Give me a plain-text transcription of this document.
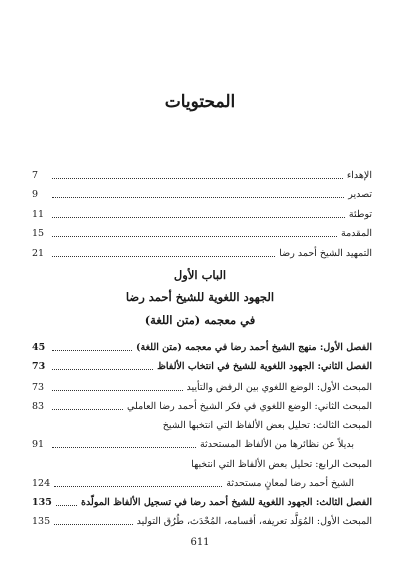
المحتويات
الإهداء
7
تصدير
9
توطئة
11
المقدمة
15
التمهيد الشيخ أحمد رضا
21
الباب الأول
الجهود اللغوية للشيخ أحمد رضا
في معجمه (متن اللغة)
الفصل الأول: منهج الشيخ أحمد رضا في معجمه (متن اللغة)
45
الفصل الثاني: الجهود اللغوية للشيخ في انتخاب الألفاظ
73
المبحث الأول: الوضع اللغوي بين الرفض والتأييد
73
المبحث الثاني: الوضع اللغوي في فكر الشيخ أحمد رضا العاملي
83
المبحث الثالث: تحليل بعض الألفاظ التي انتخبها الشيخ
بديلاً عن نظائرها من الألفاظ المستحدثة
91
المبحث الرابع: تحليل بعض الألفاظ التي انتخبها
الشيخ أحمد رضا لمعانٍ مستحدثة
124
الفصل الثالث: الجهود اللغوية للشيخ أحمد رضا في تسجيل الألفاظ المولّدة
135
المبحث الأول: المُوَلَّد تعريفه، أقسامه، المُحْدَث، طُرُق التوليد
135
611
